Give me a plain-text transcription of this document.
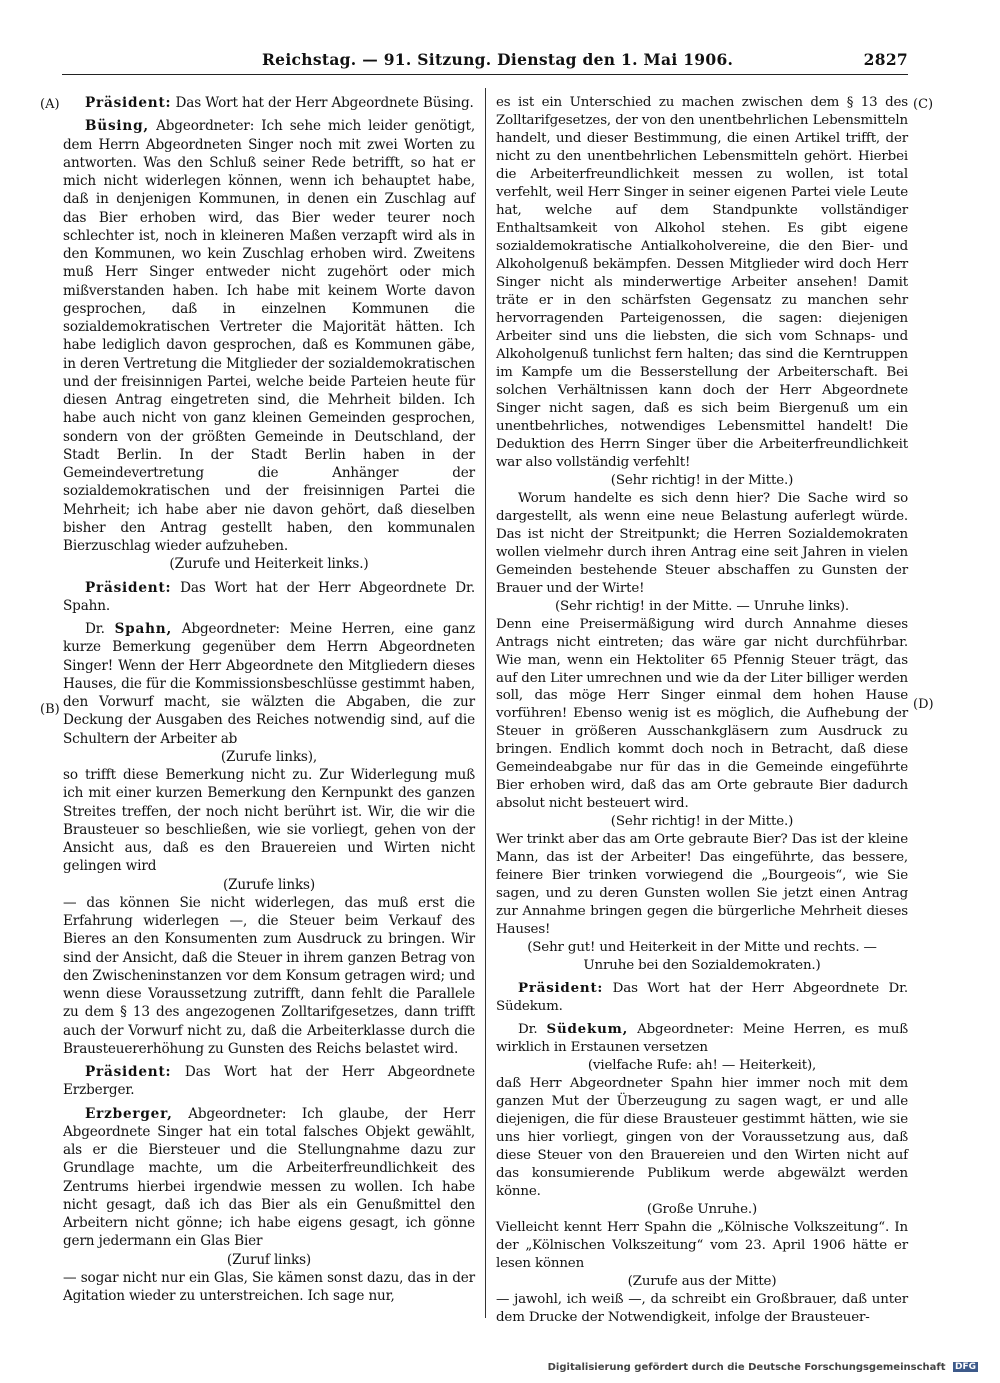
Reichstag. — 91. Sitzung. Dienstag den 1. Mai 1906.	2827
(A)
(B)
(C)
(D)

Präsident: Das Wort hat der Herr Abgeordnete Büsing.

Büsing, Abgeordneter: Ich sehe mich leider genötigt, dem Herrn Abgeordneten Singer noch mit zwei Worten zu antworten. Was den Schluß seiner Rede betrifft, so hat er mich nicht widerlegen können, wenn ich behauptet habe, daß in denjenigen Kommunen, in denen ein Zuschlag auf das Bier erhoben wird, das Bier weder teurer noch schlechter ist, noch in kleineren Maßen verzapft wird als in den Kommunen, wo kein Zuschlag erhoben wird. Zweitens muß Herr Singer entweder nicht zugehört oder mich mißverstanden haben. Ich habe mit keinem Worte davon gesprochen, daß in einzelnen Kommunen die sozialdemokratischen Vertreter die Majorität hätten. Ich habe lediglich davon gesprochen, daß es Kommunen gäbe, in deren Vertretung die Mitglieder der sozialdemokratischen und der freisinnigen Partei, welche beide Parteien heute für diesen Antrag eingetreten sind, die Mehrheit bilden. Ich habe auch nicht von ganz kleinen Gemeinden gesprochen, sondern von der größten Gemeinde in Deutschland, der Stadt Berlin. In der Stadt Berlin haben in der Gemeindevertretung die Anhänger der sozialdemokratischen und der freisinnigen Partei die Mehrheit; ich habe aber nie davon gehört, daß dieselben bisher den Antrag gestellt haben, den kommunalen Bierzuschlag wieder aufzuheben.

(Zurufe und Heiterkeit links.)

Präsident: Das Wort hat der Herr Abgeordnete Dr. Spahn.

Dr. Spahn, Abgeordneter: Meine Herren, eine ganz kurze Bemerkung gegenüber dem Herrn Abgeordneten Singer! Wenn der Herr Abgeordnete den Mitgliedern dieses Hauses, die für die Kommissionsbeschlüsse gestimmt haben, den Vorwurf macht, sie wälzten die Abgaben, die zur Deckung der Ausgaben des Reiches notwendig sind, auf die Schultern der Arbeiter ab

(Zurufe links),

so trifft diese Bemerkung nicht zu. Zur Widerlegung muß ich mit einer kurzen Bemerkung den Kernpunkt des ganzen Streites treffen, der noch nicht berührt ist. Wir, die wir die Brausteuer so beschließen, wie sie vorliegt, gehen von der Ansicht aus, daß es den Brauereien und Wirten nicht gelingen wird

(Zurufe links)

— das können Sie nicht widerlegen, das muß erst die Erfahrung widerlegen —, die Steuer beim Verkauf des Bieres an den Konsumenten zum Ausdruck zu bringen. Wir sind der Ansicht, daß die Steuer in ihrem ganzen Betrag von den Zwischeninstanzen vor dem Konsum getragen wird; und wenn diese Voraussetzung zutrifft, dann fehlt die Parallele zu dem § 13 des angezogenen Zolltarifgesetzes, dann trifft auch der Vorwurf nicht zu, daß die Arbeiterklasse durch die Brausteuererhöhung zu Gunsten des Reichs belastet wird.

Präsident: Das Wort hat der Herr Abgeordnete Erzberger.

Erzberger, Abgeordneter: Ich glaube, der Herr Abgeordnete Singer hat ein total falsches Objekt gewählt, als er die Biersteuer und die Stellungnahme dazu zur Grundlage machte, um die Arbeiterfreundlichkeit des Zentrums hierbei irgendwie messen zu wollen. Ich habe nicht gesagt, daß ich das Bier als ein Genußmittel den Arbeitern nicht gönne; ich habe eigens gesagt, ich gönne gern jedermann ein Glas Bier

(Zuruf links)

— sogar nicht nur ein Glas, Sie kämen sonst dazu, das in der Agitation wieder zu unterstreichen. Ich sage nur,

es ist ein Unterschied zu machen zwischen dem § 13 des Zolltarifgesetzes, der von den unentbehrlichen Lebensmitteln handelt, und dieser Bestimmung, die einen Artikel trifft, der nicht zu den unentbehrlichen Lebensmitteln gehört. Hierbei die Arbeiterfreundlichkeit messen zu wollen, ist total verfehlt, weil Herr Singer in seiner eigenen Partei viele Leute hat, welche auf dem Standpunkte vollständiger Enthaltsamkeit von Alkohol stehen. Es gibt eigene sozialdemokratische Antialkoholvereine, die den Bier- und Alkoholgenuß bekämpfen. Dessen Mitglieder wird doch Herr Singer nicht als minderwertige Arbeiter ansehen! Damit träte er in den schärfsten Gegensatz zu manchen sehr hervorragenden Parteigenossen, die sagen: diejenigen Arbeiter sind uns die liebsten, die sich vom Schnaps- und Alkoholgenuß tunlichst fern halten; das sind die Kerntruppen im Kampfe um die Besserstellung der Arbeiterschaft. Bei solchen Verhältnissen kann doch der Herr Abgeordnete Singer nicht sagen, daß es sich beim Biergenuß um ein unentbehrliches, notwendiges Lebensmittel handelt! Die Deduktion des Herrn Singer über die Arbeiterfreundlichkeit war also vollständig verfehlt!

(Sehr richtig! in der Mitte.)

Worum handelte es sich denn hier? Die Sache wird so dargestellt, als wenn eine neue Belastung auferlegt würde. Das ist nicht der Streitpunkt; die Herren Sozialdemokraten wollen vielmehr durch ihren Antrag eine seit Jahren in vielen Gemeinden bestehende Steuer abschaffen zu Gunsten der Brauer und der Wirte!

(Sehr richtig! in der Mitte. — Unruhe links).

Denn eine Preisermäßigung wird durch Annahme dieses Antrags nicht eintreten; das wäre gar nicht durchführbar. Wie man, wenn ein Hektoliter 65 Pfennig Steuer trägt, das auf den Liter umrechnen und wie da der Liter billiger werden soll, das möge Herr Singer einmal dem hohen Hause vorführen! Ebenso wenig ist es möglich, die Aufhebung der Steuer in größeren Ausschankgläsern zum Ausdruck zu bringen. Endlich kommt doch noch in Betracht, daß diese Gemeindeabgabe nur für das in die Gemeinde eingeführte Bier erhoben wird, daß das am Orte gebraute Bier dadurch absolut nicht besteuert wird.

(Sehr richtig! in der Mitte.)

Wer trinkt aber das am Orte gebraute Bier? Das ist der kleine Mann, das ist der Arbeiter! Das eingeführte, das bessere, feinere Bier trinken vorwiegend die „Bourgeois“, wie Sie sagen, und zu deren Gunsten wollen Sie jetzt einen Antrag zur Annahme bringen gegen die bürgerliche Mehrheit dieses Hauses!

(Sehr gut! und Heiterkeit in der Mitte und rechts. —

Unruhe bei den Sozialdemokraten.)

Präsident: Das Wort hat der Herr Abgeordnete Dr. Südekum.

Dr. Südekum, Abgeordneter: Meine Herren, es muß wirklich in Erstaunen versetzen

(vielfache Rufe: ah! — Heiterkeit),

daß Herr Abgeordneter Spahn hier immer noch mit dem ganzen Mut der Überzeugung zu sagen wagt, er und alle diejenigen, die für diese Brausteuer gestimmt hätten, wie sie uns hier vorliegt, gingen von der Voraussetzung aus, daß diese Steuer von den Brauereien und den Wirten nicht auf das konsumierende Publikum werde abgewälzt werden könne.

(Große Unruhe.)

Vielleicht kennt Herr Spahn die „Kölnische Volkszeitung“. In der „Kölnischen Volkszeitung“ vom 23. April 1906 hätte er lesen können

(Zurufe aus der Mitte)

— jawohl, ich weiß —, da schreibt ein Großbrauer, daß unter dem Drucke der Notwendigkeit, infolge der Brausteuer-

Digitalisierung gefördert durch die Deutsche Forschungsgemeinschaft DFG
